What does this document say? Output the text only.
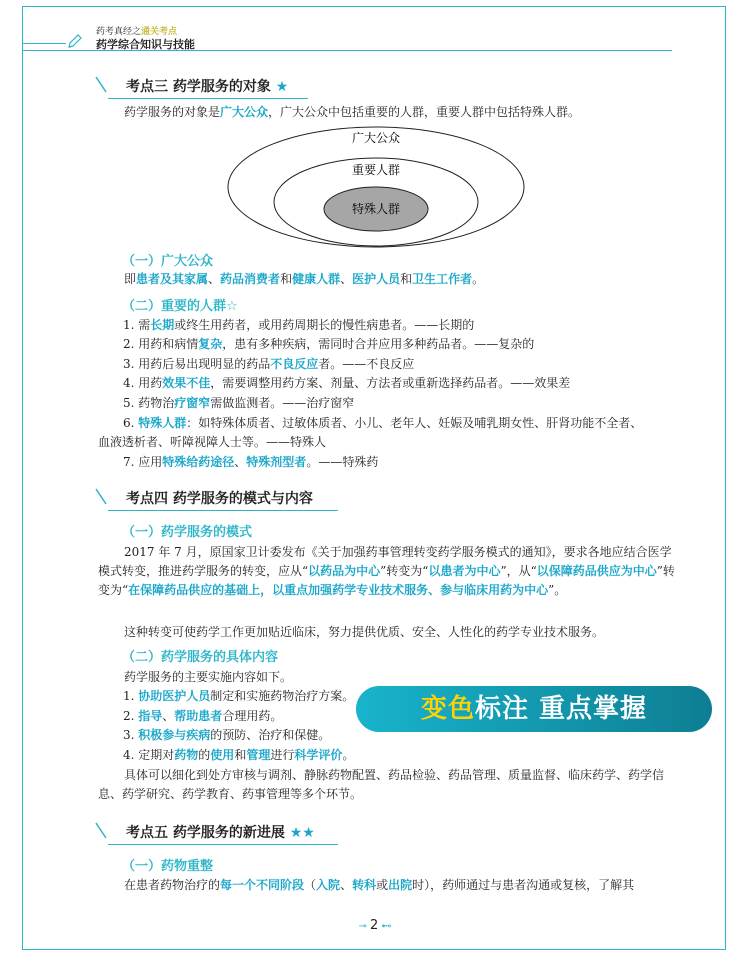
药考真经之通关考点
药学综合知识与技能
考点三 药学服务的对象 ★
药学服务的对象是广大公众，广大公众中包括重要的人群，重要人群中包括特殊人群。
广大公众
重要人群
特殊人群
（一）广大公众
即患者及其家属、药品消费者和健康人群、医护人员和卫生工作者。
（二）重要的人群☆
1. 需长期或终生用药者，或用药周期长的慢性病患者。——长期的
2. 用药和病情复杂，患有多种疾病，需同时合并应用多种药品者。——复杂的
3. 用药后易出现明显的药品不良反应者。——不良反应
4. 用药效果不佳，需要调整用药方案、剂量、方法者或重新选择药品者。——效果差
5. 药物治疗窗窄需做监测者。——治疗窗窄
6. 特殊人群：如特殊体质者、过敏体质者、小儿、老年人、妊娠及哺乳期女性、肝肾功能不全者、
血液透析者、听障视障人士等。——特殊人
7. 应用特殊给药途径、特殊剂型者。——特殊药
考点四 药学服务的模式与内容
（一）药学服务的模式
2017 年 7 月，原国家卫计委发布《关于加强药事管理转变药学服务模式的通知》，要求各地应结合医学模式转变，推进药学服务的转变，应从“以药品为中心”转变为“以患者为中心”，从“以保障药品供应为中心”转变为“在保障药品供应的基础上，以重点加强药学专业技术服务、参与临床用药为中心”。
这种转变可使药学工作更加贴近临床，努力提供优质、安全、人性化的药学专业技术服务。
（二）药学服务的具体内容
药学服务的主要实施内容如下。
1. 协助医护人员制定和实施药物治疗方案。
2. 指导、帮助患者合理用药。
3. 积极参与疾病的预防、治疗和保健。
4. 定期对药物的使用和管理进行科学评价。
具体可以细化到处方审核与调剂、静脉药物配置、药品检验、药品管理、质量监督、临床药学、药学信息、药学研究、药学教育、药事管理等多个环节。
变色标注 重点掌握
考点五 药学服务的新进展 ★★
（一）药物重整
在患者药物治疗的每一个不同阶段（入院、转科或出院时），药师通过与患者沟通或复核，了解其
⊸ 2 ⊷
